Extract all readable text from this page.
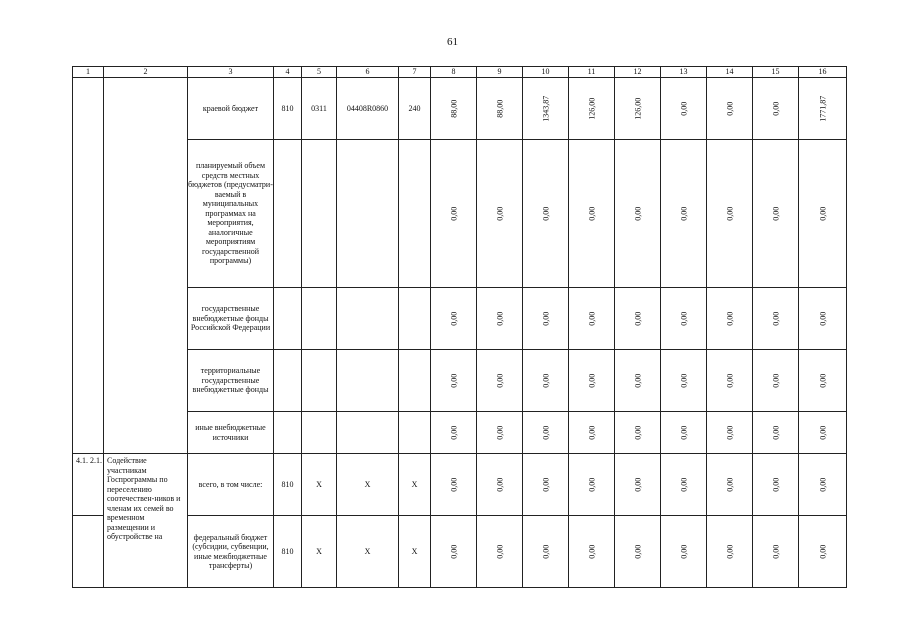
61
1	2	3	4	5	6	7	8	9	10	11	12	13	14	15	16
		краевой бюджет	810	0311	04408R0860	240	88,00	88,00	1343,87	126,00	126,00	0,00	0,00	0,00	1771,87
		планируемый объем средств местных бюджетов (предусматри-ваемый в муниципальных программах на мероприятия, аналогичные мероприятиям государственной программы)					0,00	0,00	0,00	0,00	0,00	0,00	0,00	0,00	0,00
		государственные внебюджетные фонды Российской Федерации					0,00	0,00	0,00	0,00	0,00	0,00	0,00	0,00	0,00
		территориальные государственные внебюджетные фонды					0,00	0,00	0,00	0,00	0,00	0,00	0,00	0,00	0,00
		иные внебюджетные источники					0,00	0,00	0,00	0,00	0,00	0,00	0,00	0,00	0,00
4.1. 2.1.	Содействие участникам Госпрограммы по переселению соотечествен-ников и членам их семей во временном размещении и обустройстве на	всего, в том числе:	810	X	X	X	0,00	0,00	0,00	0,00	0,00	0,00	0,00	0,00	0,00
		федеральный бюджет (субсидии, субвенции, иные межбюджетные трансферты)	810	X	X	X	0,00	0,00	0,00	0,00	0,00	0,00	0,00	0,00	0,00
